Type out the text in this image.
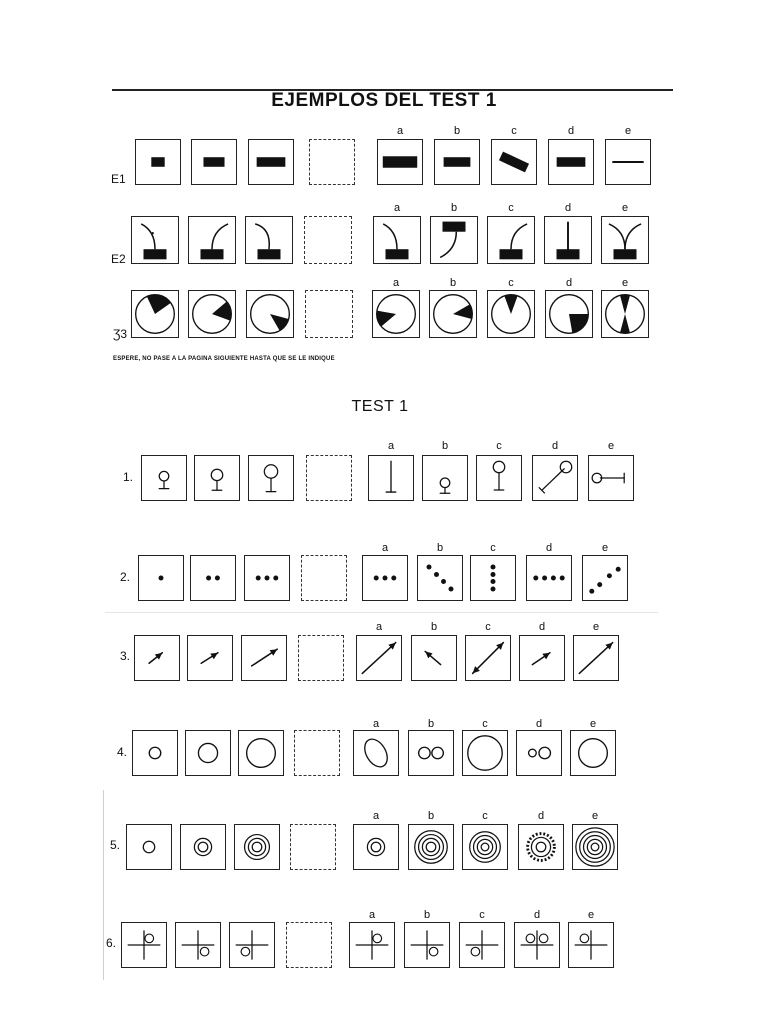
EJEMPLOS DEL TEST 1
ESPERE, NO PASE A LA PAGINA SIGUIENTE HASTA QUE SE LE INDIQUE
TEST 1
E1
a	b	c	d	e
E2
a	b	c	d	e
Ʒ3
a	b	c	d	e
1.
a	b	c	d	e
2.
a	b	c	d	e
3.
a	b	c	d	e
4.
a	b	c	d	e
5.
a	b	c	d	e
6.
a	b	c	d	e
